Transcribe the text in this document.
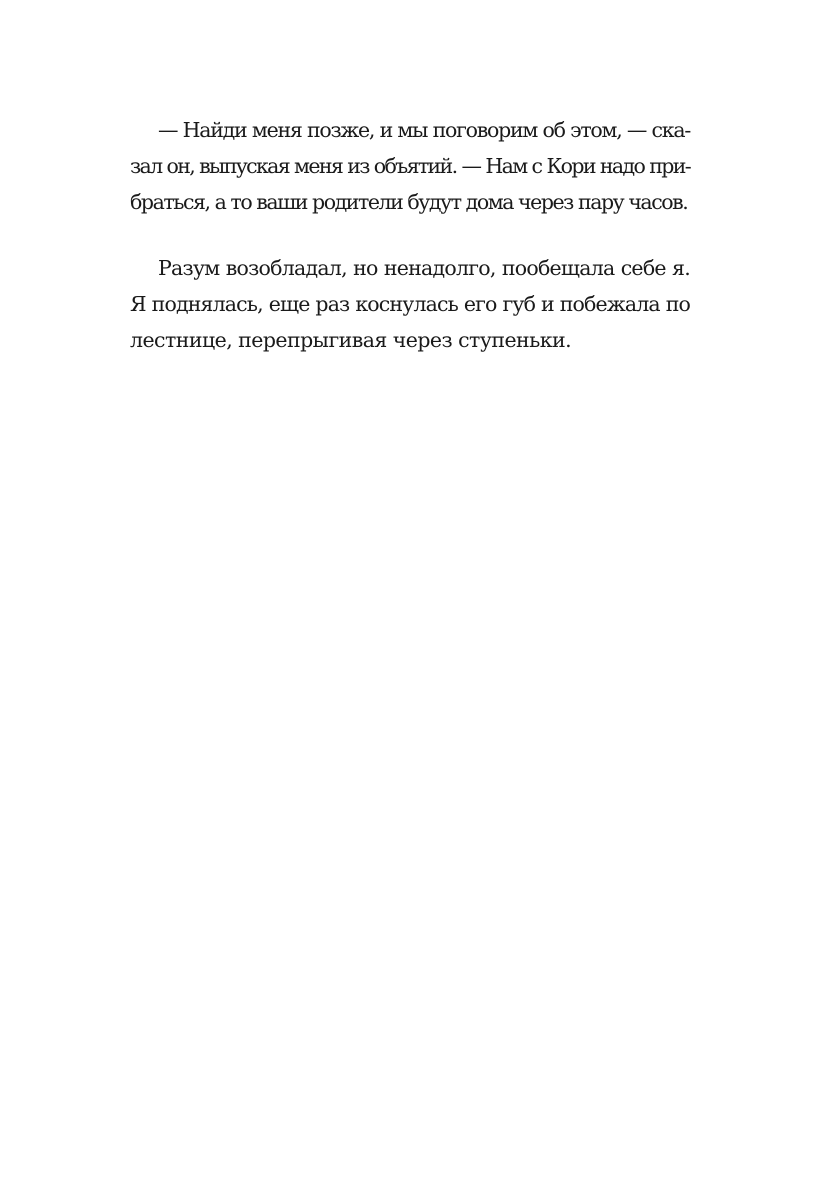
— Найди меня позже, и мы поговорим об этом, — ска-
зал он, выпуская меня из объятий. — Нам с Кори надо при-
браться, а то ваши родители будут дома через пару часов.
Разум возобладал, но ненадолго, пообещала себе я.
Я поднялась, еще раз коснулась его губ и побежала по
лестнице, перепрыгивая через ступеньки.
